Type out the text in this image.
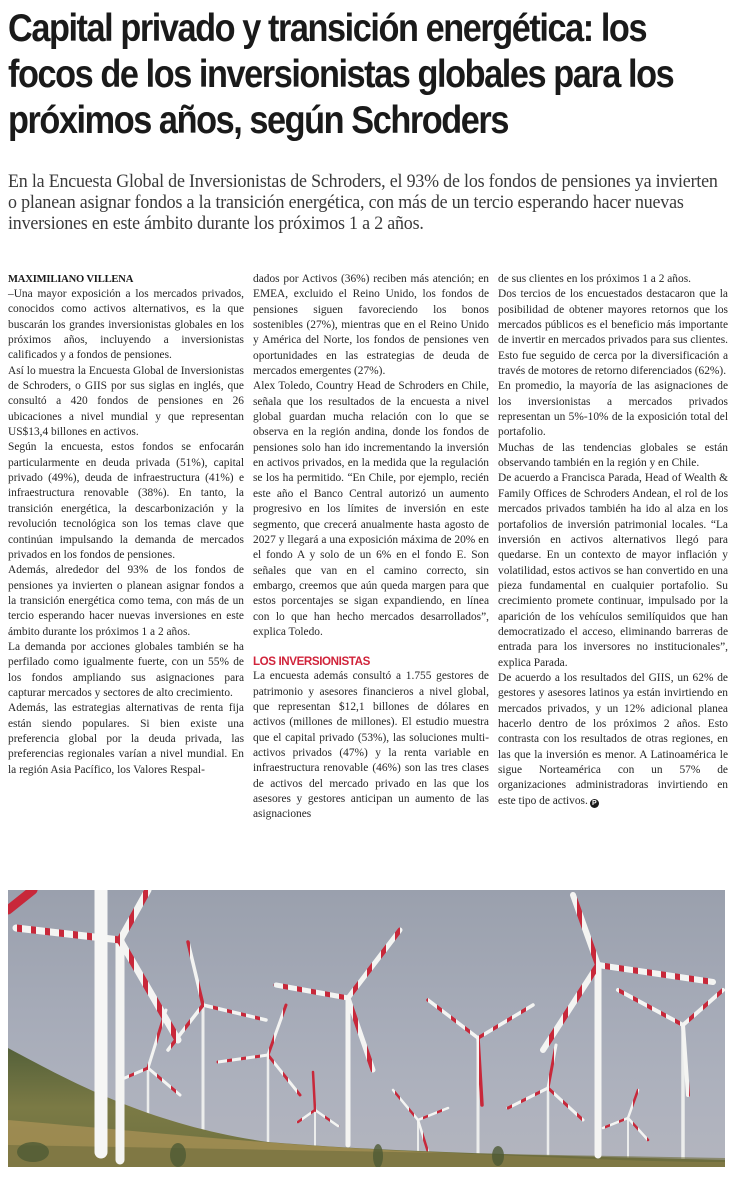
Capital privado y transición energética: los focos de los inversionistas globales para los próximos años, según Schroders

En la Encuesta Global de Inversionistas de Schroders, el 93% de los fondos de pensiones ya invierten o planean asignar fondos a la transición energética, con más de un tercio esperando hacer nuevas inversiones en este ámbito durante los próximos 1 a 2 años.

MAXIMILIANO VILLENA

–Una mayor exposición a los mercados privados, conocidos como activos alternativos, es la que buscarán los grandes inversionistas globales en los próximos años, incluyendo a inversionistas calificados y a fondos de pensiones.

Así lo muestra la Encuesta Global de Inversionistas de Schroders, o GIIS por sus siglas en inglés, que consultó a 420 fondos de pensiones en 26 ubicaciones a nivel mundial y que representan US$13,4 billones en activos.

Según la encuesta, estos fondos se enfocarán particularmente en deuda privada (51%), capital privado (49%), deuda de infraestructura (41%) e infraestructura renovable (38%). En tanto, la transición energética, la descarbonización y la revolución tecnológica son los temas clave que continúan impulsando la demanda de mercados privados en los fondos de pensiones.

Además, alrededor del 93% de los fondos de pensiones ya invierten o planean asignar fondos a la transición energética como tema, con más de un tercio esperando hacer nuevas inversiones en este ámbito durante los próximos 1 a 2 años.

La demanda por acciones globales también se ha perfilado como igualmente fuerte, con un 55% de los fondos ampliando sus asignaciones para capturar mercados y sectores de alto crecimiento.

Además, las estrategias alternativas de renta fija están siendo populares. Si bien existe una preferencia global por la deuda privada, las preferencias regionales varían a nivel mundial. En la región Asia Pacífico, los Valores Respal-

dados por Activos (36%) reciben más atención; en EMEA, excluido el Reino Unido, los fondos de pensiones siguen favoreciendo los bonos sostenibles (27%), mientras que en el Reino Unido y América del Norte, los fondos de pensiones ven oportunidades en las estrategias de deuda de mercados emergentes (27%).

Alex Toledo, Country Head de Schroders en Chile, señala que los resultados de la encuesta a nivel global guardan mucha relación con lo que se observa en la región andina, donde los fondos de pensiones solo han ido incrementando la inversión en activos privados, en la medida que la regulación se los ha permitido. “En Chile, por ejemplo, recién este año el Banco Central autorizó un aumento progresivo en los límites de inversión en este segmento, que crecerá anualmente hasta agosto de 2027 y llegará a una exposición máxima de 20% en el fondo A y solo de un 6% en el fondo E. Son señales que van en el camino correcto, sin embargo, creemos que aún queda margen para que estos porcentajes se sigan expandiendo, en línea con lo que han hecho mercados desarrollados”, explica Toledo.

LOS INVERSIONISTAS

La encuesta además consultó a 1.755 gestores de patrimonio y asesores financieros a nivel global, que representan $12,1 billones de dólares en activos (millones de millones). El estudio muestra que el capital privado (53%), las soluciones multi-activos privados (47%) y la renta variable en infraestructura renovable (46%) son las tres clases de activos del mercado privado en las que los asesores y gestores anticipan un aumento de las asignaciones

de sus clientes en los próximos 1 a 2 años.

Dos tercios de los encuestados destacaron que la posibilidad de obtener mayores retornos que los mercados públicos es el beneficio más importante de invertir en mercados privados para sus clientes. Esto fue seguido de cerca por la diversificación a través de motores de retorno diferenciados (62%).

En promedio, la mayoría de las asignaciones de los inversionistas a mercados privados representan un 5%-10% de la exposición total del portafolio.

Muchas de las tendencias globales se están observando también en la región y en Chile.

De acuerdo a Francisca Parada, Head of Wealth & Family Offices de Schroders Andean, el rol de los mercados privados también ha ido al alza en los portafolios de inversión patrimonial locales. “La inversión en activos alternativos llegó para quedarse. En un contexto de mayor inflación y volatilidad, estos activos se han convertido en una pieza fundamental en cualquier portafolio. Su crecimiento promete continuar, impulsado por la aparición de los vehículos semilíquidos que han democratizado el acceso, eliminando barreras de entrada para los inversores no institucionales”, explica Parada.

De acuerdo a los resultados del GIIS, un 62% de gestores y asesores latinos ya están invirtiendo en mercados privados, y un 12% adicional planea hacerlo dentro de los próximos 2 años. Esto contrasta con los resultados de otras regiones, en las que la inversión es menor. A Latinoamérica le sigue Norteamérica con un 57% de organizaciones administradoras invirtiendo en este tipo de activos. P
